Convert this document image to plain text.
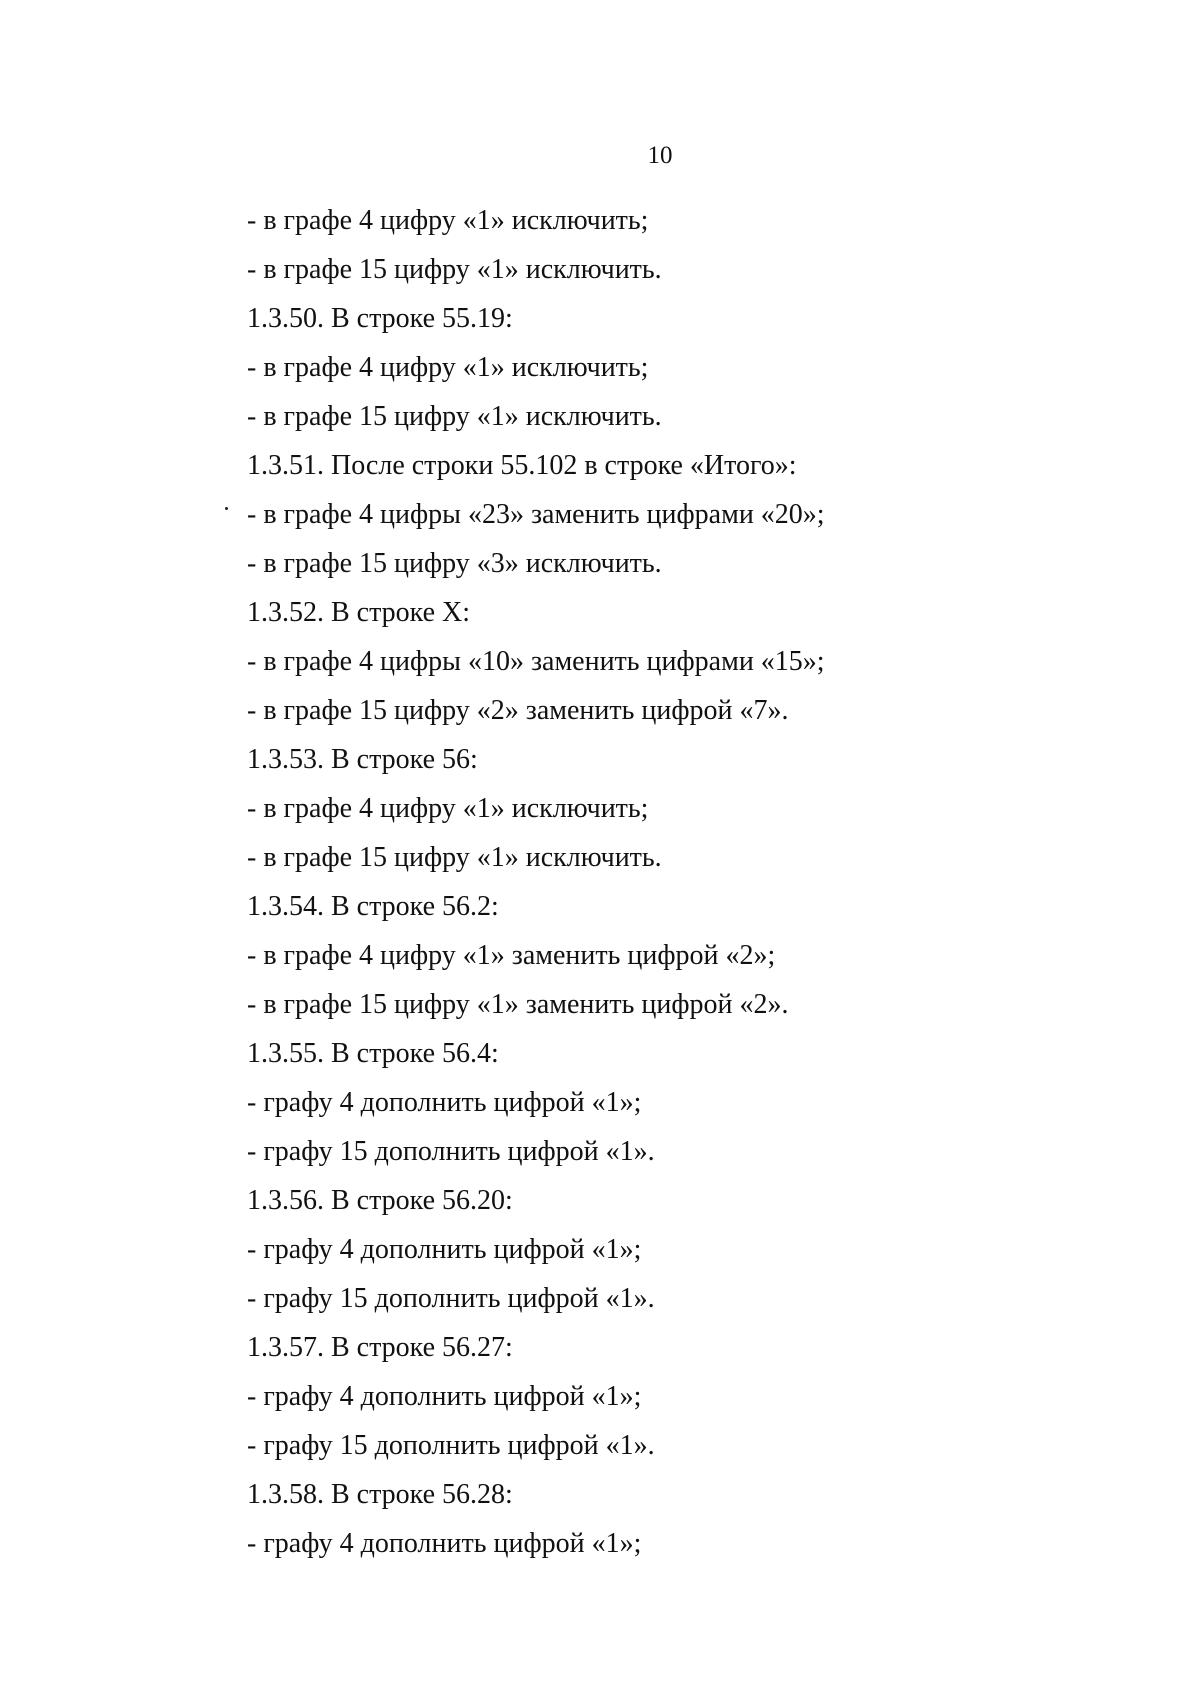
10
- в графе 4 цифру «1» исключить;
- в графе 15 цифру «1» исключить.
1.3.50. В строке 55.19:
- в графе 4 цифру «1» исключить;
- в графе 15 цифру «1» исключить.
1.3.51. После строки 55.102 в строке «Итого»:
- в графе 4 цифры «23» заменить цифрами «20»;
- в графе 15 цифру «3» исключить.
1.3.52. В строке X:
- в графе 4 цифры «10» заменить цифрами «15»;
- в графе 15 цифру «2» заменить цифрой «7».
1.3.53. В строке 56:
- в графе 4 цифру «1» исключить;
- в графе 15 цифру «1» исключить.
1.3.54. В строке 56.2:
- в графе 4 цифру «1» заменить цифрой «2»;
- в графе 15 цифру «1» заменить цифрой «2».
1.3.55. В строке 56.4:
- графу 4 дополнить цифрой «1»;
- графу 15 дополнить цифрой «1».
1.3.56. В строке 56.20:
- графу 4 дополнить цифрой «1»;
- графу 15 дополнить цифрой «1».
1.3.57. В строке 56.27:
- графу 4 дополнить цифрой «1»;
- графу 15 дополнить цифрой «1».
1.3.58. В строке 56.28:
- графу 4 дополнить цифрой «1»;
